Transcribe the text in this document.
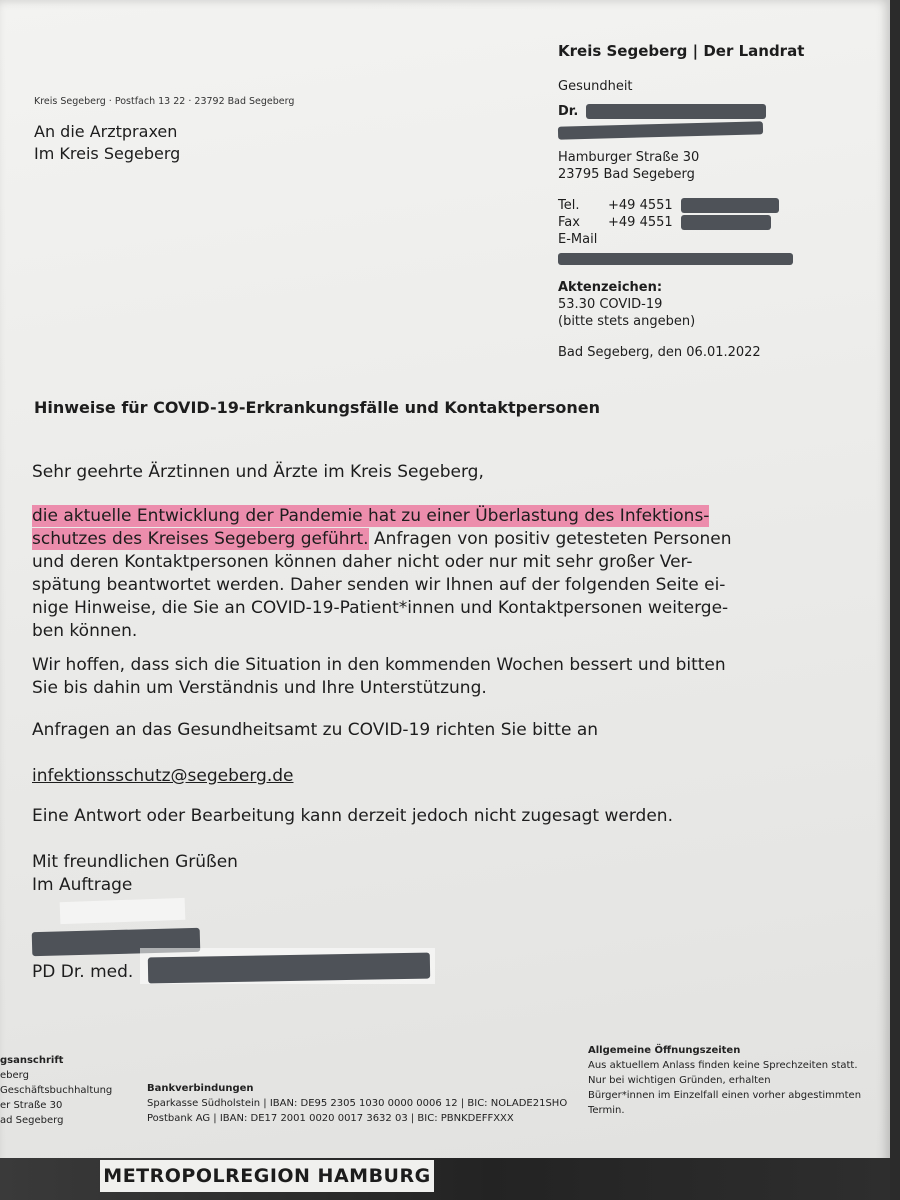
Kreis Segeberg · Postfach 13 22 · 23792 Bad Segeberg
An die Arztpraxen
Im Kreis Segeberg
Kreis Segeberg | Der Landrat
Gesundheit
Dr.
Hamburger Straße 30
23795 Bad Segeberg
Tel. +49 4551
Fax +49 4551
E-Mail
Aktenzeichen:
53.30 COVID-19
(bitte stets angeben)
Bad Segeberg, den 06.01.2022
Hinweise für COVID-19-Erkrankungsfälle und Kontaktpersonen
Sehr geehrte Ärztinnen und Ärzte im Kreis Segeberg,

die aktuelle Entwicklung der Pandemie hat zu einer Überlastung des Infektions-

schutzes des Kreises Segeberg geführt. Anfragen von positiv getesteten Personen

und deren Kontaktpersonen können daher nicht oder nur mit sehr großer Ver-

spätung beantwortet werden. Daher senden wir Ihnen auf der folgenden Seite ei-

nige Hinweise, die Sie an COVID-19-Patient*innen und Kontaktpersonen weiterge-

ben können.

Wir hoffen, dass sich die Situation in den kommenden Wochen bessert und bitten

Sie bis dahin um Verständnis und Ihre Unterstützung.

Anfragen an das Gesundheitsamt zu COVID-19 richten Sie bitte an
infektionsschutz@segeberg.de
Eine Antwort oder Bearbeitung kann derzeit jedoch nicht zugesagt werden.

Mit freundlichen Grüßen

Im Auftrage

PD Dr. med.
gsanschrift
eberg
Geschäftsbuchhaltung
er Straße 30
ad Segeberg
Bankverbindungen
Sparkasse Südholstein | IBAN: DE95 2305 1030 0000 0006 12 | BIC: NOLADE21SHO
Postbank AG | IBAN: DE17 2001 0020 0017 3632 03 | BIC: PBNKDEFFXXX
Allgemeine Öffnungszeiten
Aus aktuellem Anlass finden keine Sprechzeiten statt.
Nur bei wichtigen Gründen, erhalten
Bürger*innen im Einzelfall einen vorher abgestimmten
Termin.
METROPOLREGION HAMBURG
